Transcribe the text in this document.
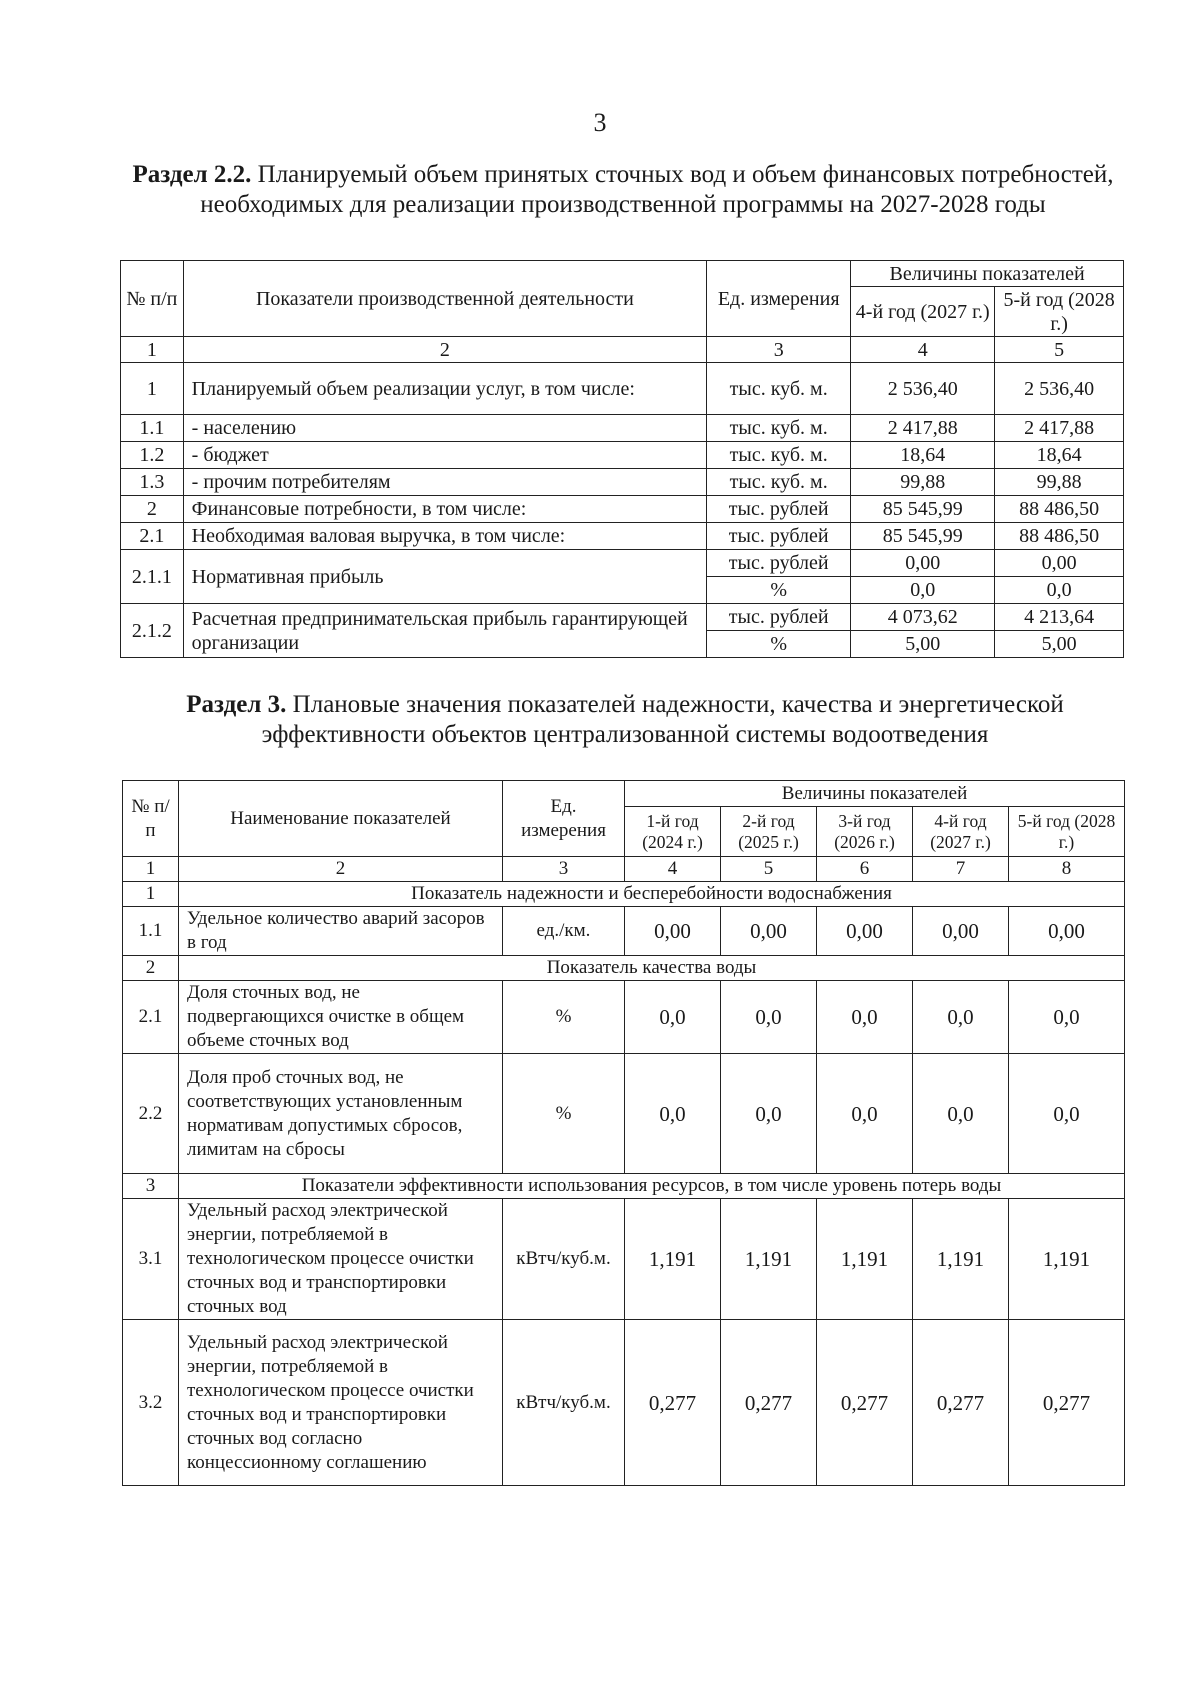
3
Раздел 2.2. Планируемый объем принятых сточных вод и объем финансовых потребностей, необходимых для реализации производственной программы на 2027-2028 годы
№ п/п	Показатели производственной деятельности	Ед. измерения	Величины показателей	
			4-й год (2027 г.)	5-й год (2028 г.)
1	2	3	4	5
1	Планируемый объем реализации услуг, в том числе:	тыс. куб. м.	2 536,40	2 536,40
1.1	- населению	тыс. куб. м.	2 417,88	2 417,88
1.2	- бюджет	тыс. куб. м.	18,64	18,64
1.3	- прочим потребителям	тыс. куб. м.	99,88	99,88
2	Финансовые потребности, в том числе:	тыс. рублей	85 545,99	88 486,50
2.1	Необходимая валовая выручка, в том числе:	тыс. рублей	85 545,99	88 486,50
2.1.1	Нормативная прибыль	тыс. рублей	0,00	0,00
		%	0,0	0,0
2.1.2	Расчетная предпринимательская прибыль гарантирующей организации	тыс. рублей	4 073,62	4 213,64
		%	5,00	5,00
Раздел 3. Плановые значения показателей надежности, качества и энергетической эффективности объектов централизованной системы водоотведения
№ п/п	Наименование показателей	Ед. измерения	Величины показателей				
			1-й год (2024 г.)	2-й год (2025 г.)	3-й год (2026 г.)	4-й год (2027 г.)	5-й год (2028 г.)
1	2	3	4	5	6	7	8
1	Показатель надежности и бесперебойности водоснабжения						
1.1	Удельное количество аварий засоров в год	ед./км.	0,00	0,00	0,00	0,00	0,00
2	Показатель качества воды						
2.1	Доля сточных вод, не подвергающихся очистке в общем объеме сточных вод	%	0,0	0,0	0,0	0,0	0,0
2.2	Доля проб сточных вод, не соответствующих установленным нормативам допустимых сбросов, лимитам на сбросы	%	0,0	0,0	0,0	0,0	0,0
3	Показатели эффективности использования ресурсов, в том числе уровень потерь воды						
3.1	Удельный расход электрической энергии, потребляемой в технологическом процессе очистки сточных вод и транспортировки сточных вод	кВтч/куб.м.	1,191	1,191	1,191	1,191	1,191
3.2	Удельный расход электрической энергии, потребляемой в технологическом процессе очистки сточных вод и транспортировки сточных вод согласно концессионному соглашению	кВтч/куб.м.	0,277	0,277	0,277	0,277	0,277
